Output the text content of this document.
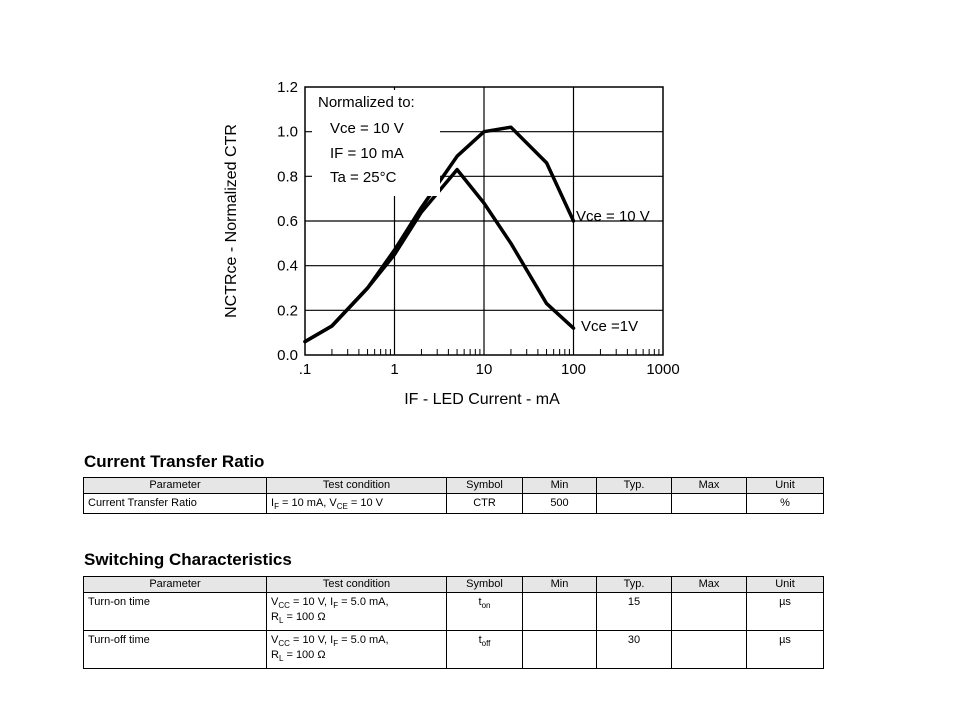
0.0
0.2
0.4
0.6
0.8
1.0
1.2
.1	1	10	100	1000
NCTRce - Normalized CTR
IF - LED Current - mA
Normalized to:
Vce = 10 V
IF = 10 mA
Ta = 25°C
Vce = 10 V
Vce =1V
Current Transfer Ratio
Parameter	Test condition	Symbol	Min	Typ.	Max	Unit
Current Transfer Ratio	$I_F = 10$ mA, $V_{CE} = 10$ V	CTR	500			%
Switching Characteristics
Parameter	Test condition	Symbol	Min	Typ.	Max	Unit
Turn-on time	$V_{CC} = 10$ V, $I_F = 5.0$ mA,
$R_L = 100$ Ω	$t_{on}$		15		µs
Turn-off time	$V_{CC} = 10$ V, $I_F = 5.0$ mA,
$R_L = 100$ Ω	$t_{off}$		30		µs
